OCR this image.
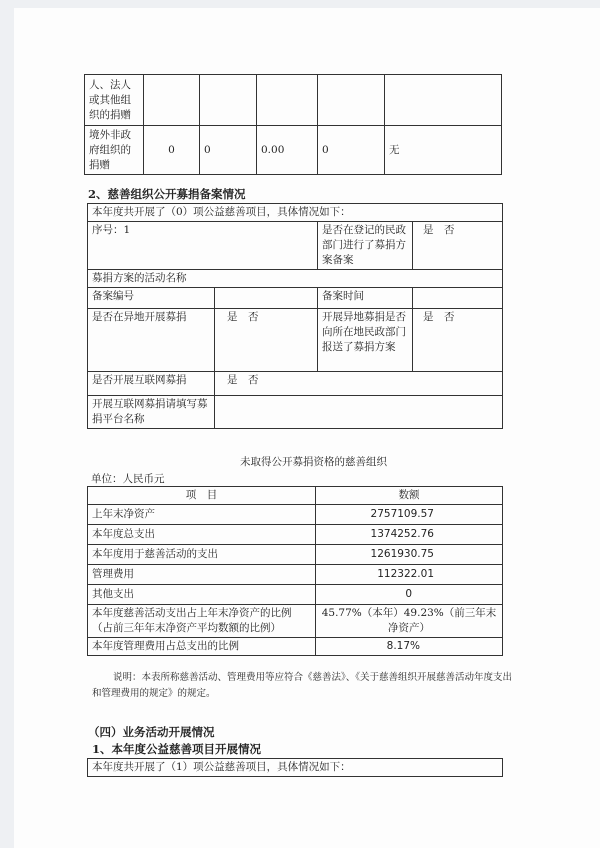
人、法人或其他组织的捐赠					
境外非政府组织的捐赠	0	0	0.00	0	无
2、慈善组织公开募捐备案情况
本年度共开展了（0）项公益慈善项目，具体情况如下：			
序号：1		是否在登记的民政部门进行了募捐方案备案	是　否
募捐方案的活动名称			
备案编号		备案时间	
是否在异地开展募捐	是　否	开展异地募捐是否向所在地民政部门报送了募捐方案	是　否
是否开展互联网募捐	是　否		
开展互联网募捐请填写募捐平台名称			
未取得公开募捐资格的慈善组织
单位：人民币元
项　目	数额
上年末净资产	2757109.57
本年度总支出	1374252.76
本年度用于慈善活动的支出	1261930.75
管理费用	112322.01
其他支出	0
本年度慈善活动支出占上年末净资产的比例（占前三年年末净资产平均数额的比例）	45.77%（本年）49.23%（前三年末净资产）
本年度管理费用占总支出的比例	8.17%
说明：本表所称慈善活动、管理费用等应符合《慈善法》、《关于慈善组织开展慈善活动年度支出
和管理费用的规定》的规定。
（四）业务活动开展情况
1、本年度公益慈善项目开展情况
本年度共开展了（1）项公益慈善项目，具体情况如下：
